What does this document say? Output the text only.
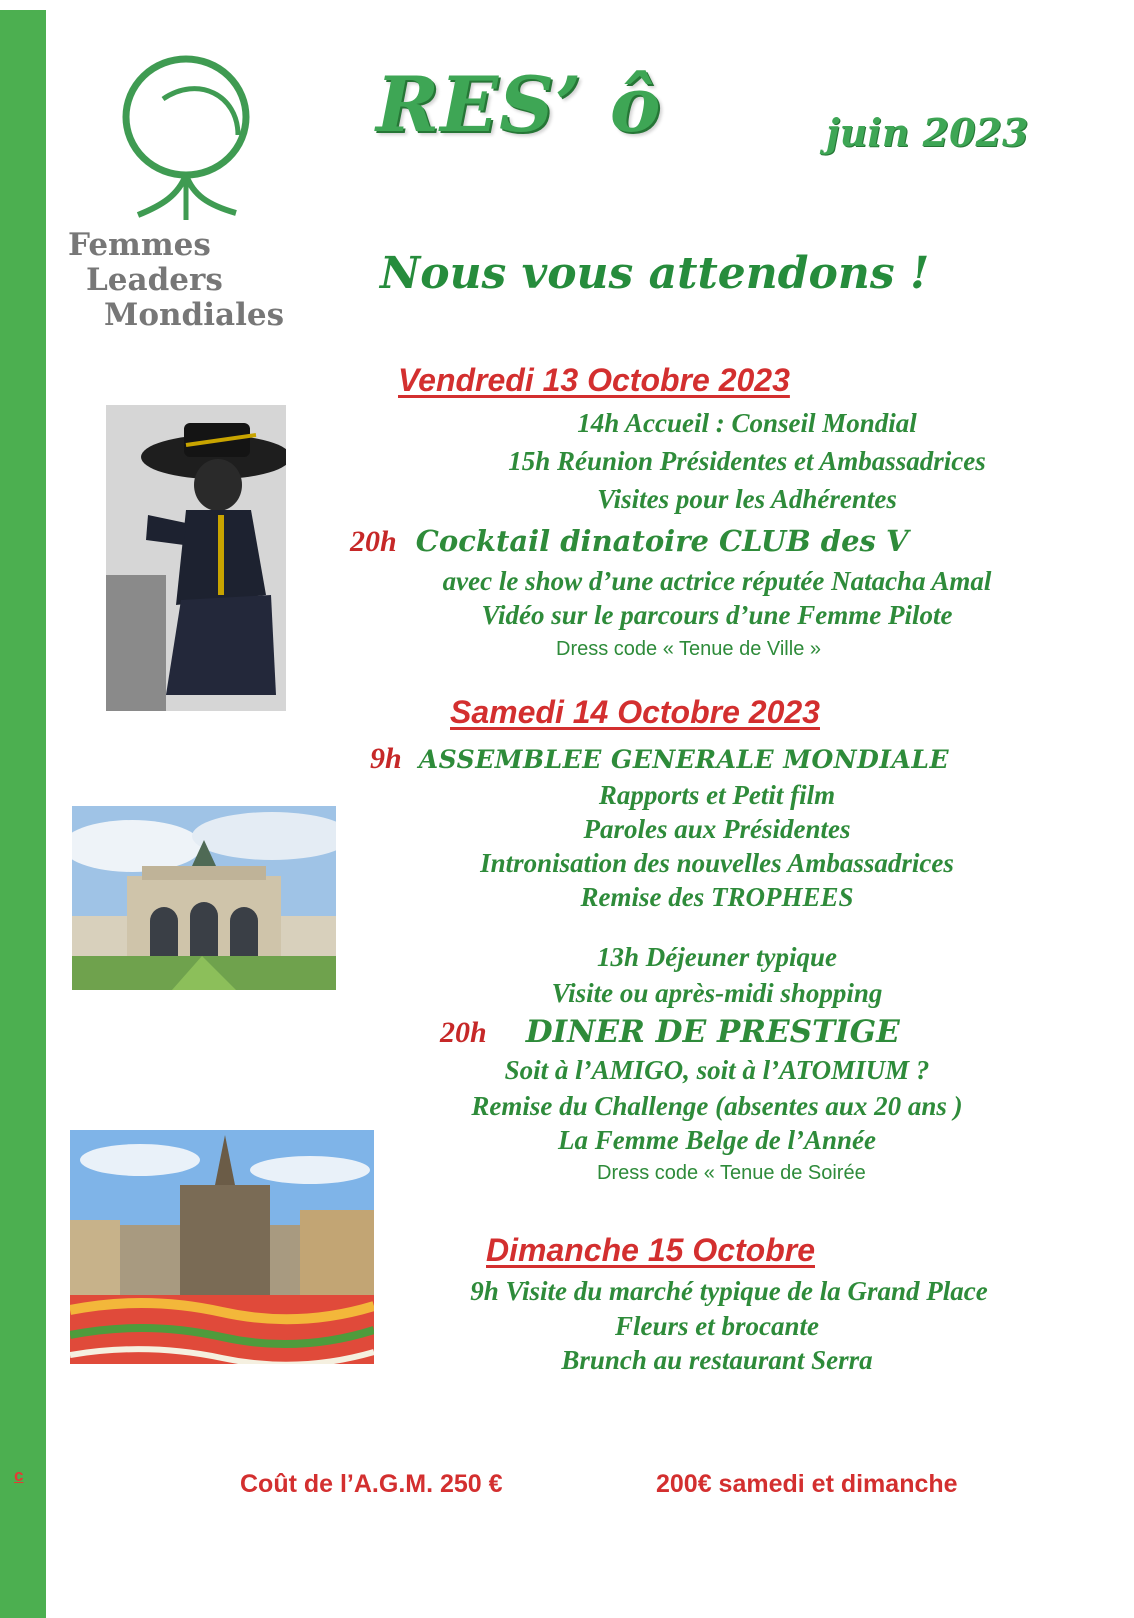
c
Femmes
Leaders
Mondiales
RES’ ô	juin 2023
Nous vous attendons !
Vendredi 13 Octobre 2023
14h Accueil : Conseil Mondial
15h Réunion Présidentes et Ambassadrices
Visites pour les Adhérentes
20h Cocktail dinatoire CLUB des V
avec le show d’une actrice réputée Natacha Amal
Vidéo sur le parcours d’une Femme Pilote
Dress code « Tenue de Ville »
Samedi 14 Octobre 2023
9h ASSEMBLEE GENERALE MONDIALE
Rapports et Petit film
Paroles aux Présidentes
Intronisation des nouvelles Ambassadrices
Remise des TROPHEES
13h Déjeuner typique
Visite ou après-midi shopping
20h DINER DE PRESTIGE
Soit à l’AMIGO, soit à l’ATOMIUM ?
Remise du Challenge (absentes aux 20 ans )
La Femme Belge de l’Année
Dress code « Tenue de Soirée
Dimanche 15 Octobre
9h Visite du marché typique de la Grand Place
Fleurs et brocante
Brunch au restaurant Serra
Coût de l’A.G.M. 250 €	200€ samedi et dimanche
